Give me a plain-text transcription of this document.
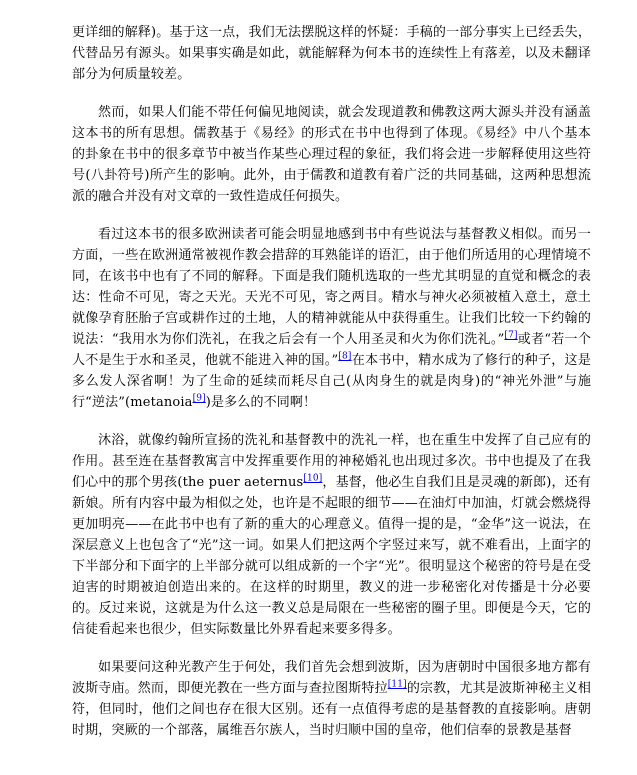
更详细的解释)。基于这一点，我们无法摆脱这样的怀疑：手稿的一部分事实上已经丢失，代替品另有源头。如果事实确是如此，就能解释为何本书的连续性上有落差，以及未翻译部分为何质量较差。

然而，如果人们能不带任何偏见地阅读，就会发现道教和佛教这两大源头并没有涵盖这本书的所有思想。儒教基于《易经》的形式在书中也得到了体现。《易经》中八个基本的卦象在书中的很多章节中被当作某些心理过程的象征，我们将会进一步解释使用这些符号(八卦符号)所产生的影响。此外，由于儒教和道教有着广泛的共同基础，这两种思想流派的融合并没有对文章的一致性造成任何损失。

看过这本书的很多欧洲读者可能会明显地感到书中有些说法与基督教义相似。而另一方面，一些在欧洲通常被视作教会措辞的耳熟能详的语汇，由于他们所适用的心理情境不同，在该书中也有了不同的解释。下面是我们随机选取的一些尤其明显的直觉和概念的表达：性命不可见，寄之天光。天光不可见，寄之两目。精水与神火必须被植入意土，意土就像孕育胚胎子宫或耕作过的土地，人的精神就能从中获得重生。让我们比较一下约翰的说法：“我用水为你们洗礼，在我之后会有一个人用圣灵和火为你们洗礼。”[7]或者“若一个人不是生于水和圣灵，他就不能进入神的国。”[8]在本书中，精水成为了修行的种子，这是多么发人深省啊！为了生命的延续而耗尽自己(从肉身生的就是肉身)的“神光外泄”与施行“逆法”(metanoia[9])是多么的不同啊！

沐浴，就像约翰所宣扬的洗礼和基督教中的洗礼一样，也在重生中发挥了自己应有的作用。甚至连在基督教寓言中发挥重要作用的神秘婚礼也出现过多次。书中也提及了在我们心中的那个男孩(the puer aeternus[10]，基督，他必生自我们且是灵魂的新郎)，还有新娘。所有内容中最为相似之处，也许是不起眼的细节——在油灯中加油，灯就会燃烧得更加明亮——在此书中也有了新的重大的心理意义。值得一提的是，“金华”这一说法，在深层意义上也包含了“光”这一词。如果人们把这两个字竖过来写，就不难看出，上面字的下半部分和下面字的上半部分就可以组成新的一个字“光”。很明显这个秘密的符号是在受迫害的时期被迫创造出来的。在这样的时期里，教义的进一步秘密化对传播是十分必要的。反过来说，这就是为什么这一教义总是局限在一些秘密的圈子里。即便是今天，它的信徒看起来也很少，但实际数量比外界看起来要多得多。

如果要问这种光教产生于何处，我们首先会想到波斯，因为唐朝时中国很多地方都有波斯寺庙。然而，即便光教在一些方面与查拉图斯特拉[11]的宗教，尤其是波斯神秘主义相符，但同时，他们之间也存在很大区别。还有一点值得考虑的是基督教的直接影响。唐朝时期，突厥的一个部落，属维吾尔族人，当时归顺中国的皇帝，他们信奉的景教是基督
